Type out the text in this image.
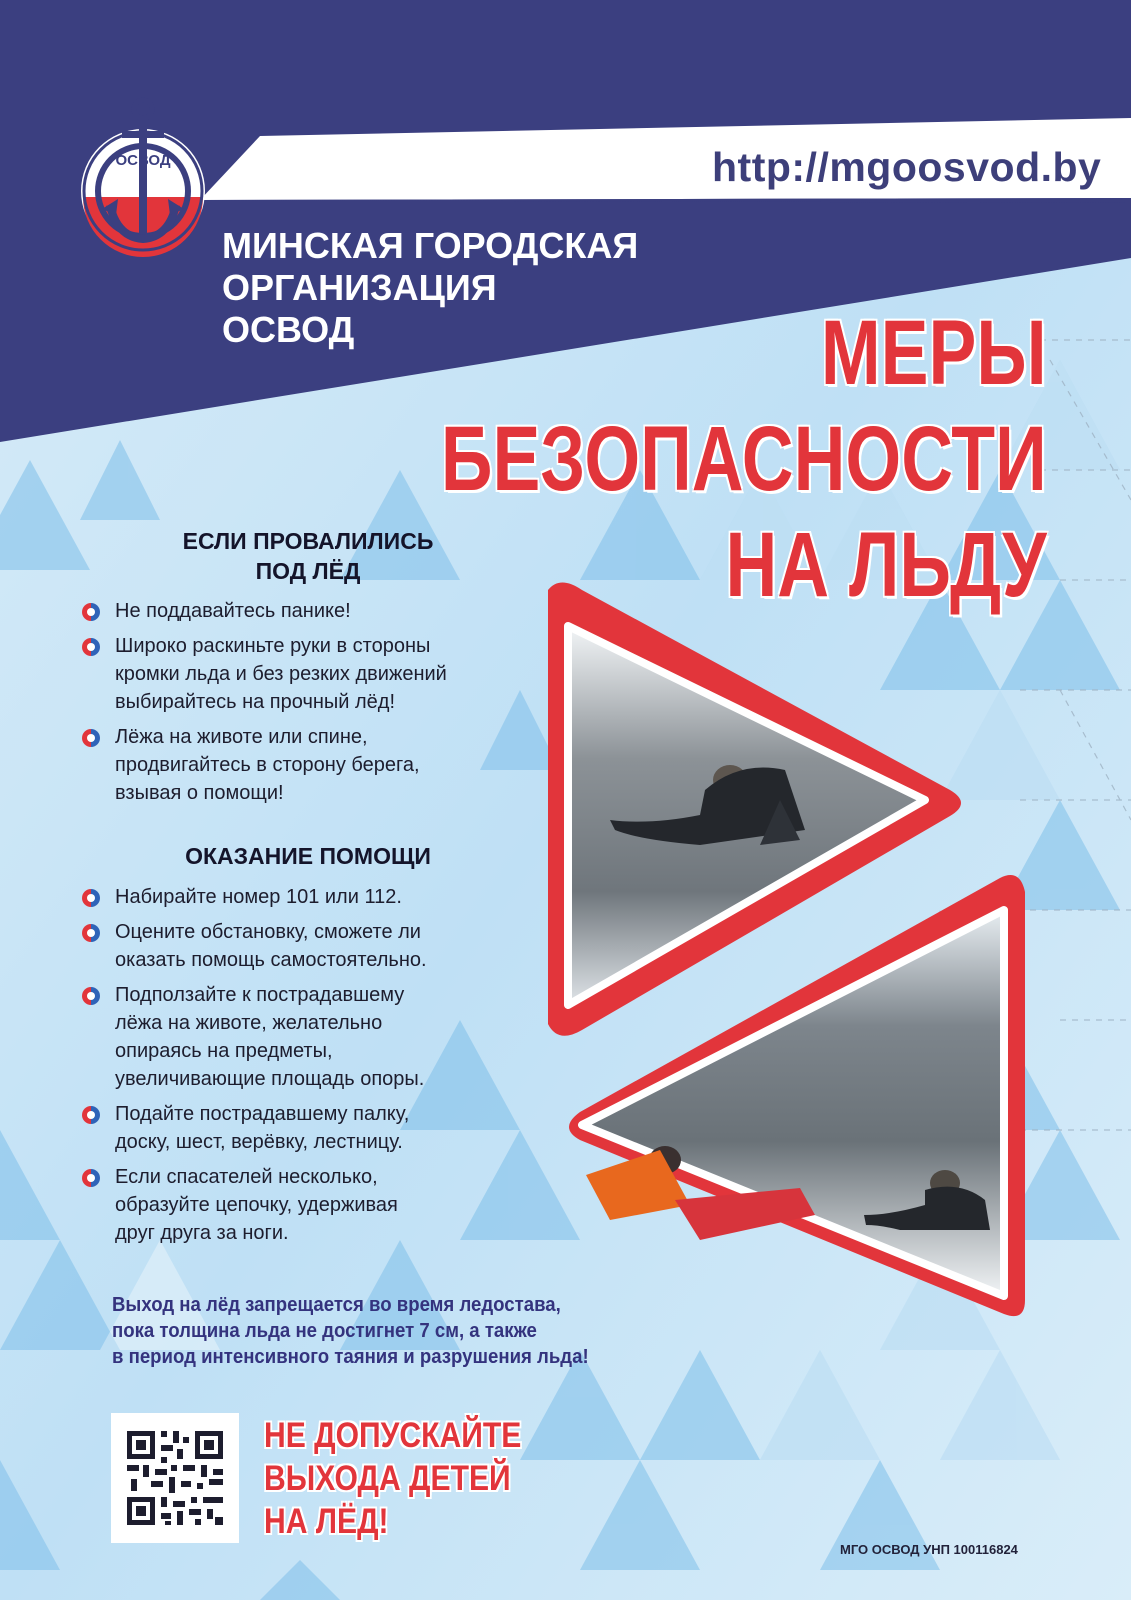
ОСВОД	http://mgoosvod.by
МИНСКАЯ ГОРОДСКАЯ
ОРГАНИЗАЦИЯ
ОСВОД	МЕРЫ
БЕЗОПАСНОСТИ
НА ЛЬДУ
ЕСЛИ ПРОВАЛИЛИСЬ
ПОД ЛЁД
Не поддавайтесь панике!
Широко раскиньте руки в стороны
кромки льда и без резких движений
выбирайтесь на прочный лёд!
Лёжа на животе или спине,
продвигайтесь в сторону берега,
взывая о помощи!
ОКАЗАНИЕ ПОМОЩИ
Набирайте номер 101 или 112.
Оцените обстановку, сможете ли
оказать помощь самостоятельно.
Подползайте к пострадавшему
лёжа на животе, желательно
опираясь на предметы,
увеличивающие площадь опоры.
Подайте пострадавшему палку,
доску, шест, верёвку, лестницу.
Если спасателей несколько,
образуйте цепочку, удерживая
друг друга за ноги.
Выход на лёд запрещается во время ледостава,
пока толщина льда не достигнет 7 см, а также
в период интенсивного таяния и разрушения льда!
НЕ ДОПУСКАЙТЕ
ВЫХОДА ДЕТЕЙ
НА ЛЁД!
МГО ОСВОД УНП 100116824
